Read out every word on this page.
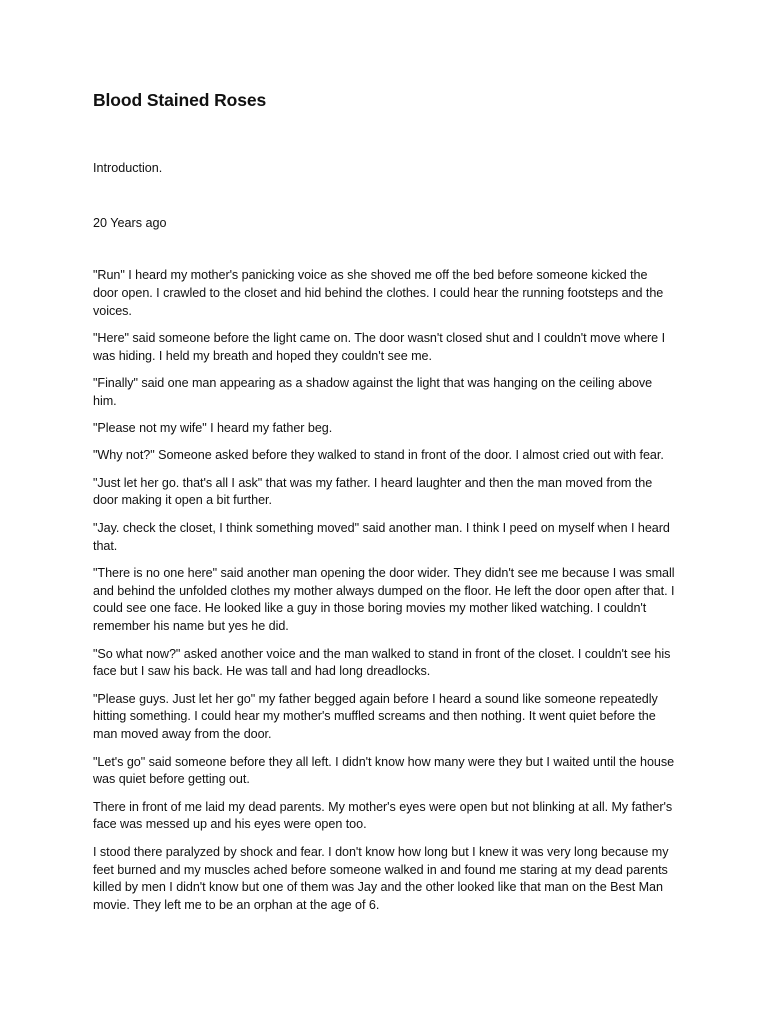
Blood Stained Roses

Introduction.

20 Years ago

"Run" I heard my mother's panicking voice as she shoved me off the bed before someone kicked the door open. I crawled to the closet and hid behind the clothes. I could hear the running footsteps and the voices.

"Here" said someone before the light came on. The door wasn't closed shut and I couldn't move where I was hiding. I held my breath and hoped they couldn't see me.

"Finally" said one man appearing as a shadow against the light that was hanging on the ceiling above him.

"Please not my wife" I heard my father beg.

"Why not?" Someone asked before they walked to stand in front of the door. I almost cried out with fear.

"Just let her go. that's all I ask" that was my father. I heard laughter and then the man moved from the door making it open a bit further.

"Jay. check the closet, I think something moved" said another man. I think I peed on myself when I heard that.

"There is no one here" said another man opening the door wider. They didn't see me because I was small and behind the unfolded clothes my mother always dumped on the floor. He left the door open after that. I could see one face. He looked like a guy in those boring movies my mother liked watching. I couldn't remember his name but yes he did.

"So what now?" asked another voice and the man walked to stand in front of the closet. I couldn't see his face but I saw his back. He was tall and had long dreadlocks.

"Please guys. Just let her go" my father begged again before I heard a sound like someone repeatedly hitting something. I could hear my mother's muffled screams and then nothing. It went quiet before the man moved away from the door.

"Let's go" said someone before they all left. I didn't know how many were they but I waited until the house was quiet before getting out.

There in front of me laid my dead parents. My mother's eyes were open but not blinking at all. My father's face was messed up and his eyes were open too.

I stood there paralyzed by shock and fear. I don't know how long but I knew it was very long because my feet burned and my muscles ached before someone walked in and found me staring at my dead parents killed by men I didn't know but one of them was Jay and the other looked like that man on the Best Man movie. They left me to be an orphan at the age of 6.
